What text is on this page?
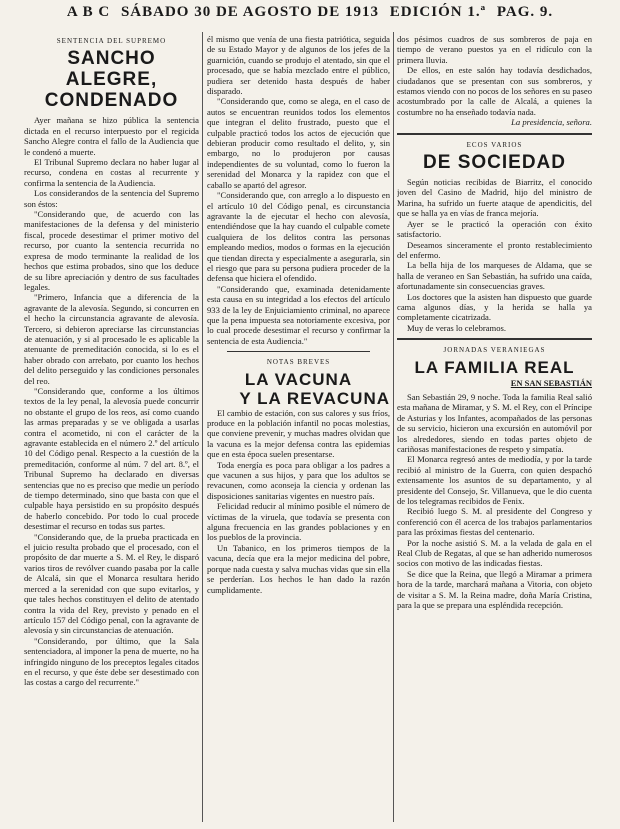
A B C SÁBADO 30 DE AGOSTO DE 1913 EDICIÓN 1.ª PAG. 9.
SENTENCIA DEL SUPREMO
SANCHO ALEGRE,
CONDENADO

Ayer mañana se hizo pública la sentencia dictada en el recurso interpuesto por el regicida Sancho Alegre contra el fallo de la Audiencia que le condenó a muerte.

El Tribunal Supremo declara no haber lugar al recurso, condena en costas al recurrente y confirma la sentencia de la Audiencia.

Los considerandos de la sentencia del Supremo son éstos:

"Considerando que, de acuerdo con las manifestaciones de la defensa y del ministerio fiscal, procede desestimar el primer motivo del recurso, por cuanto la sentencia recurrida no expresa de modo terminante la realidad de los hechos que estima probados, sino que los deduce de su libre apreciación y dentro de sus facultades legales.

"Primero, Infancia que a diferencia de la agravante de la alevosía. Segundo, si concurren en el hecho la circunstancia agravante de alevosía. Tercero, si debieron apreciarse las circunstancias de atenuación, y si al procesado le es aplicable la atenuante de premeditación conocida, si lo es el haber obrado con arrebato, por cuanto los hechos del delito perseguido y las condiciones personales del reo.

"Considerando que, conforme a los últimos textos de la ley penal, la alevosía puede concurrir no obstante el grupo de los reos, así como cuando las armas preparadas y se ve obligada a usarlas contra el acometido, ni con el carácter de la agravante establecida en el número 2.º del artículo 10 del Código penal. Respecto a la cuestión de la premeditación, conforme al núm. 7 del art. 8.º, el Tribunal Supremo ha declarado en diversas sentencias que no es preciso que medie un período de tiempo determinado, sino que basta con que el culpable haya persistido en su propósito después de haberlo concebido. Por todo lo cual procede desestimar el recurso en todas sus partes.

"Considerando que, de la prueba practicada en el juicio resulta probado que el procesado, con el propósito de dar muerte a S. M. el Rey, le disparó varios tiros de revólver cuando pasaba por la calle de Alcalá, sin que el Monarca resultara herido merced a la serenidad con que supo evitarlos, y que tales hechos constituyen el delito de atentado contra la vida del Rey, previsto y penado en el artículo 157 del Código penal, con la agravante de alevosía y sin circunstancias de atenuación.

"Considerando, por último, que la Sala sentenciadora, al imponer la pena de muerte, no ha infringido ninguno de los preceptos legales citados en el recurso, y que éste debe ser desestimado con las costas a cargo del recurrente."

él mismo que venía de una fiesta patriótica, seguida de su Estado Mayor y de algunos de los jefes de la guarnición, cuando se produjo el atentado, sin que el procesado, que se había mezclado entre el público, pudiera ser detenido hasta después de haber disparado.

"Considerando que, como se alega, en el caso de autos se encuentran reunidos todos los elementos que integran el delito frustrado, puesto que el culpable practicó todos los actos de ejecución que debieran producir como resultado el delito, y, sin embargo, no lo produjeron por causas independientes de su voluntad, como lo fueron la serenidad del Monarca y la rapidez con que el caballo se apartó del agresor.

"Considerando que, con arreglo a lo dispuesto en el artículo 10 del Código penal, es circunstancia agravante la de ejecutar el hecho con alevosía, entendiéndose que la hay cuando el culpable comete cualquiera de los delitos contra las personas empleando medios, modos o formas en la ejecución que tiendan directa y especialmente a asegurarla, sin el riesgo que para su persona pudiera proceder de la defensa que hiciera el ofendido.

"Considerando que, examinada detenidamente esta causa en su integridad a los efectos del artículo 933 de la ley de Enjuiciamiento criminal, no aparece que la pena impuesta sea notoriamente excesiva, por lo cual procede desestimar el recurso y confirmar la sentencia de esta Audiencia."

NOTAS BREVES
LA VACUNA
Y LA REVACUNA

El cambio de estación, con sus calores y sus fríos, produce en la población infantil no pocas molestias, que conviene prevenir, y muchas madres olvidan que la vacuna es la mejor defensa contra las epidemias que en esta época suelen presentarse.

Toda energía es poca para obligar a los padres a que vacunen a sus hijos, y para que los adultos se revacunen, como aconseja la ciencia y ordenan las disposiciones sanitarias vigentes en nuestro país.

Felicidad reducir al mínimo posible el número de víctimas de la viruela, que todavía se presenta con alguna frecuencia en las grandes poblaciones y en los pueblos de la provincia.

Un Tabanico, en los primeros tiempos de la vacuna, decía que era la mejor medicina del pobre, porque nada cuesta y salva muchas vidas que sin ella se perderían. Los hechos le han dado la razón cumplidamente.

dos pésimos cuadros de sus sombreros de paja en tiempo de verano puestos ya en el ridículo con la primera lluvia.

De ellos, en este salón hay todavía desdichados, ciudadanos que se presentan con sus sombreros, y estamos viendo con no pocos de los señores en su paseo acostumbrado por la calle de Alcalá, a quienes la costumbre no ha enseñado todavía nada.

La presidencia, señora.
ECOS VARIOS
DE SOCIEDAD

Según noticias recibidas de Biarritz, el conocido joven del Casino de Madrid, hijo del ministro de Marina, ha sufrido un fuerte ataque de apendicitis, del que se halla ya en vías de franca mejoría.

Ayer se le practicó la operación con éxito satisfactorio.

Deseamos sinceramente el pronto restablecimiento del enfermo.

La bella hija de los marqueses de Aldama, que se halla de veraneo en San Sebastián, ha sufrido una caída, afortunadamente sin consecuencias graves.

Los doctores que la asisten han dispuesto que guarde cama algunos días, y la herida se halla ya completamente cicatrizada.

Muy de veras lo celebramos.

JORNADAS VERANIEGAS
LA FAMILIA REAL
EN SAN SEBASTIÁN

San Sebastián 29, 9 noche. Toda la familia Real salió esta mañana de Miramar, y S. M. el Rey, con el Príncipe de Asturias y los Infantes, acompañados de las personas de su servicio, hicieron una excursión en automóvil por los alrededores, siendo en todas partes objeto de cariñosas manifestaciones de respeto y simpatía.

El Monarca regresó antes de mediodía, y por la tarde recibió al ministro de la Guerra, con quien despachó extensamente los asuntos de su departamento, y al presidente del Consejo, Sr. Villanueva, que le dio cuenta de los telegramas recibidos de Fenix.

Recibió luego S. M. al presidente del Congreso y conferenció con él acerca de los trabajos parlamentarios para las próximas fiestas del centenario.

Por la noche asistió S. M. a la velada de gala en el Real Club de Regatas, al que se han adherido numerosos socios con motivo de las indicadas fiestas.

Se dice que la Reina, que llegó a Miramar a primera hora de la tarde, marchará mañana a Vitoria, con objeto de visitar a S. M. la Reina madre, doña María Cristina, para la que se prepara una espléndida recepción.
